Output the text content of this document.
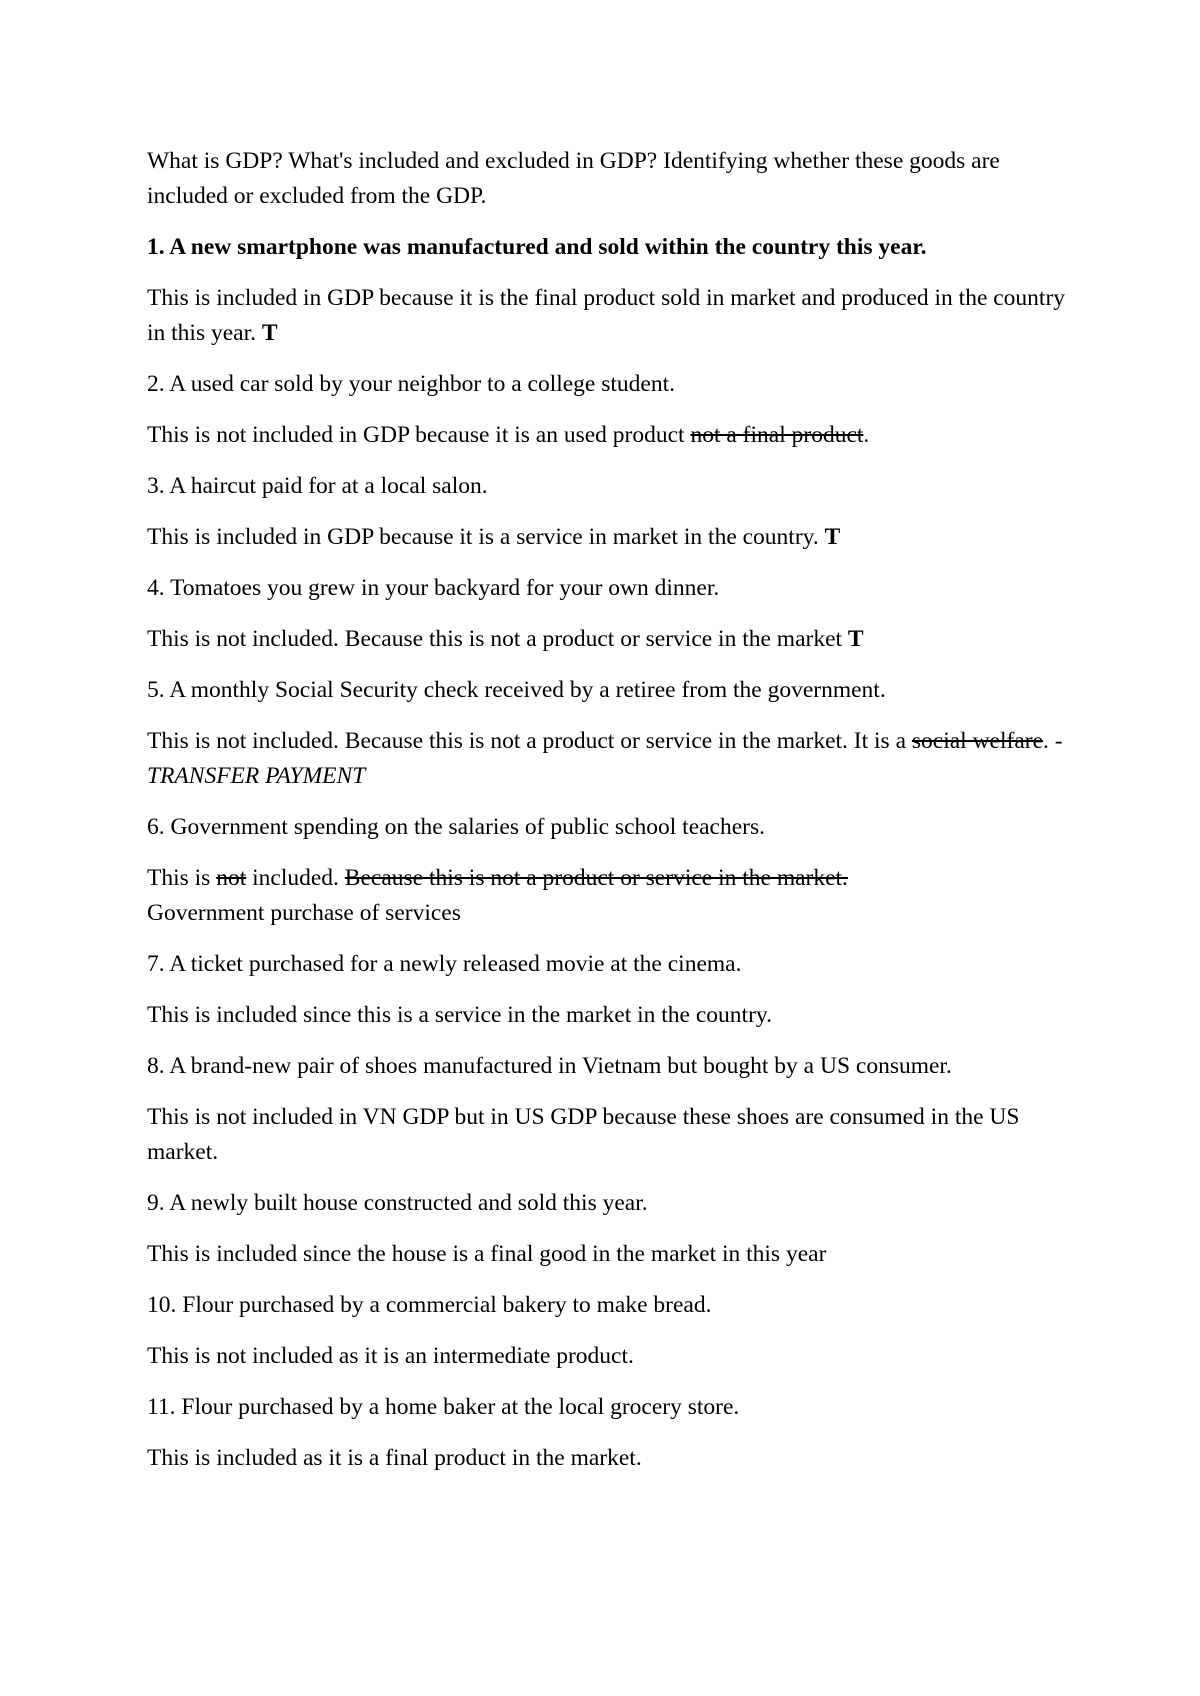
What is GDP? What's included and excluded in GDP? Identifying whether these goods are included or excluded from the GDP.

1. A new smartphone was manufactured and sold within the country this year.

This is included in GDP because it is the final product sold in market and produced in the country in this year. T

2. A used car sold by your neighbor to a college student.

This is not included in GDP because it is an used product not a final product.

3. A haircut paid for at a local salon.

This is included in GDP because it is a service in market in the country. T

4. Tomatoes you grew in your backyard for your own dinner.

This is not included. Because this is not a product or service in the market T

5. A monthly Social Security check received by a retiree from the government.

This is not included. Because this is not a product or service in the market. It is a social welfare. -TRANSFER PAYMENT

6. Government spending on the salaries of public school teachers.

This is not included. Because this is not a product or service in the market.
Government purchase of services

7. A ticket purchased for a newly released movie at the cinema.

This is included since this is a service in the market in the country.

8. A brand-new pair of shoes manufactured in Vietnam but bought by a US consumer.

This is not included in VN GDP but in US GDP because these shoes are consumed in the US market.

9. A newly built house constructed and sold this year.

This is included since the house is a final good in the market in this year

10. Flour purchased by a commercial bakery to make bread.

This is not included as it is an intermediate product.

11. Flour purchased by a home baker at the local grocery store.

This is included as it is a final product in the market.
